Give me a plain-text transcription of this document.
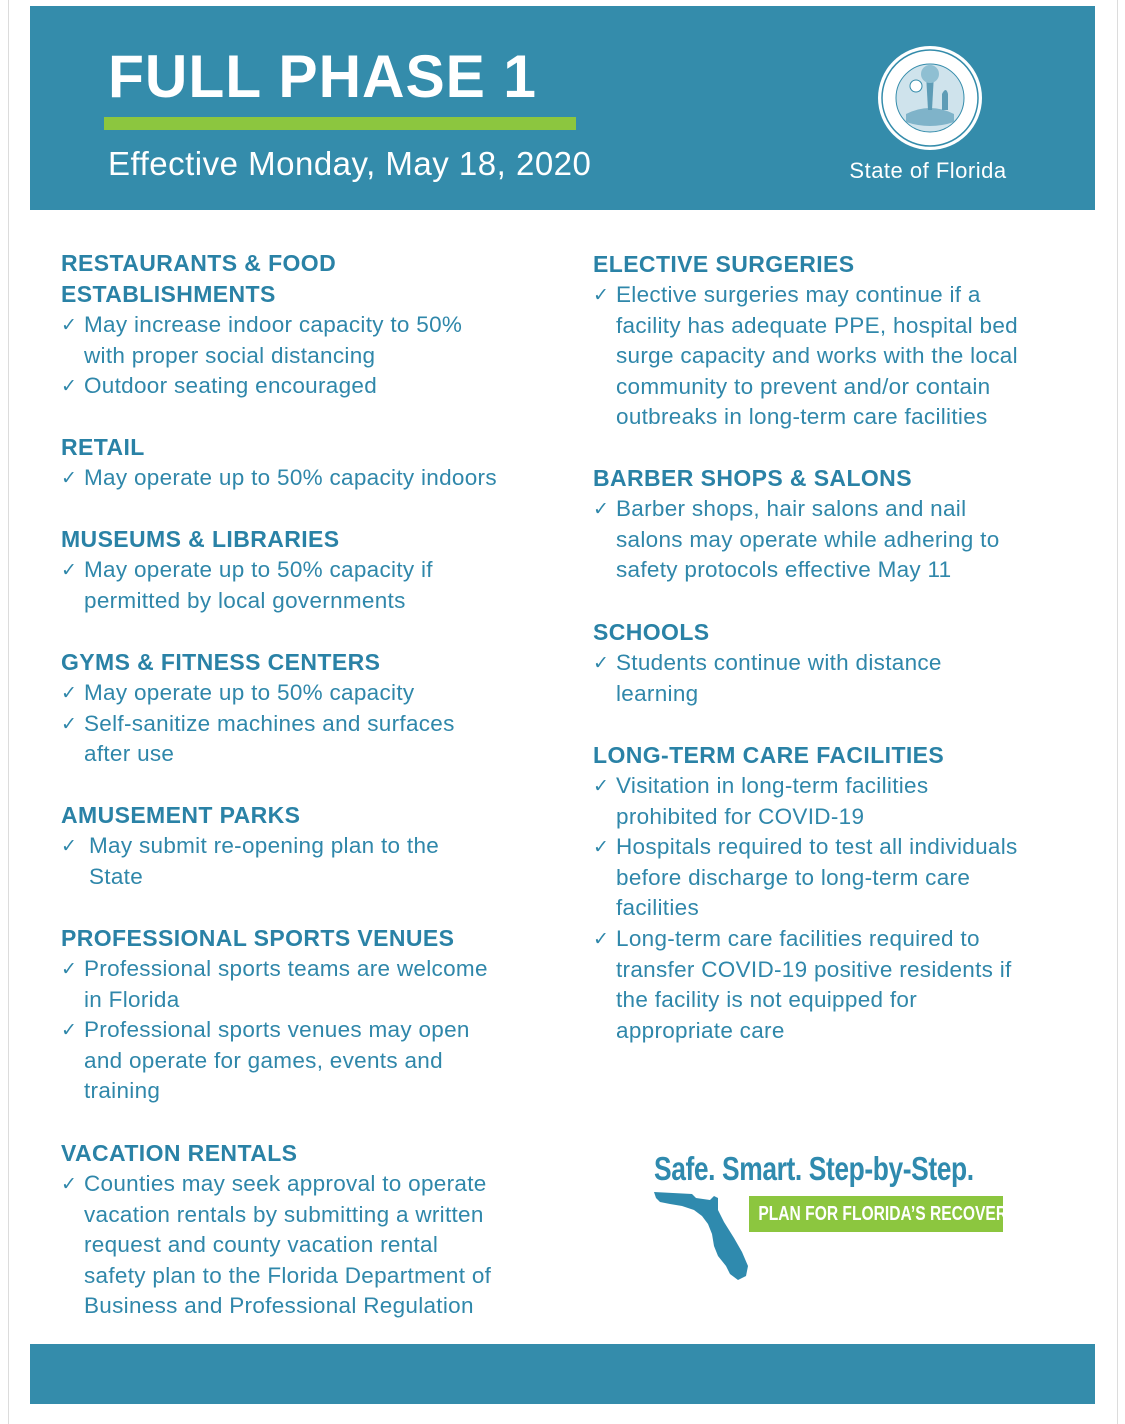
FULL PHASE 1
Effective Monday, May 18, 2020	State of Florida
RESTAURANTS & FOOD
ESTABLISHMENTS
✓ May increase indoor capacity to 50%
with proper social distancing
✓ Outdoor seating encouraged
RETAIL
✓ May operate up to 50% capacity indoors
MUSEUMS & LIBRARIES
✓ May operate up to 50% capacity if
permitted by local governments
GYMS & FITNESS CENTERS
✓ May operate up to 50% capacity
✓ Self-sanitize machines and surfaces
after use
AMUSEMENT PARKS
✓ May submit re-opening plan to the
State
PROFESSIONAL SPORTS VENUES
✓ Professional sports teams are welcome
in Florida
✓ Professional sports venues may open
and operate for games, events and
training
VACATION RENTALS
✓ Counties may seek approval to operate
vacation rentals by submitting a written
request and county vacation rental
safety plan to the Florida Department of
Business and Professional Regulation
ELECTIVE SURGERIES
✓ Elective surgeries may continue if a
facility has adequate PPE, hospital bed
surge capacity and works with the local
community to prevent and/or contain
outbreaks in long-term care facilities
BARBER SHOPS & SALONS
✓ Barber shops, hair salons and nail
salons may operate while adhering to
safety protocols effective May 11
SCHOOLS
✓ Students continue with distance
learning
LONG-TERM CARE FACILITIES
✓ Visitation in long-term facilities
prohibited for COVID-19
✓ Hospitals required to test all individuals
before discharge to long-term care
facilities
✓ Long-term care facilities required to
transfer COVID-19 positive residents if
the facility is not equipped for
appropriate care
Safe. Smart. Step-by-Step.
PLAN FOR FLORIDA’S RECOVERY
